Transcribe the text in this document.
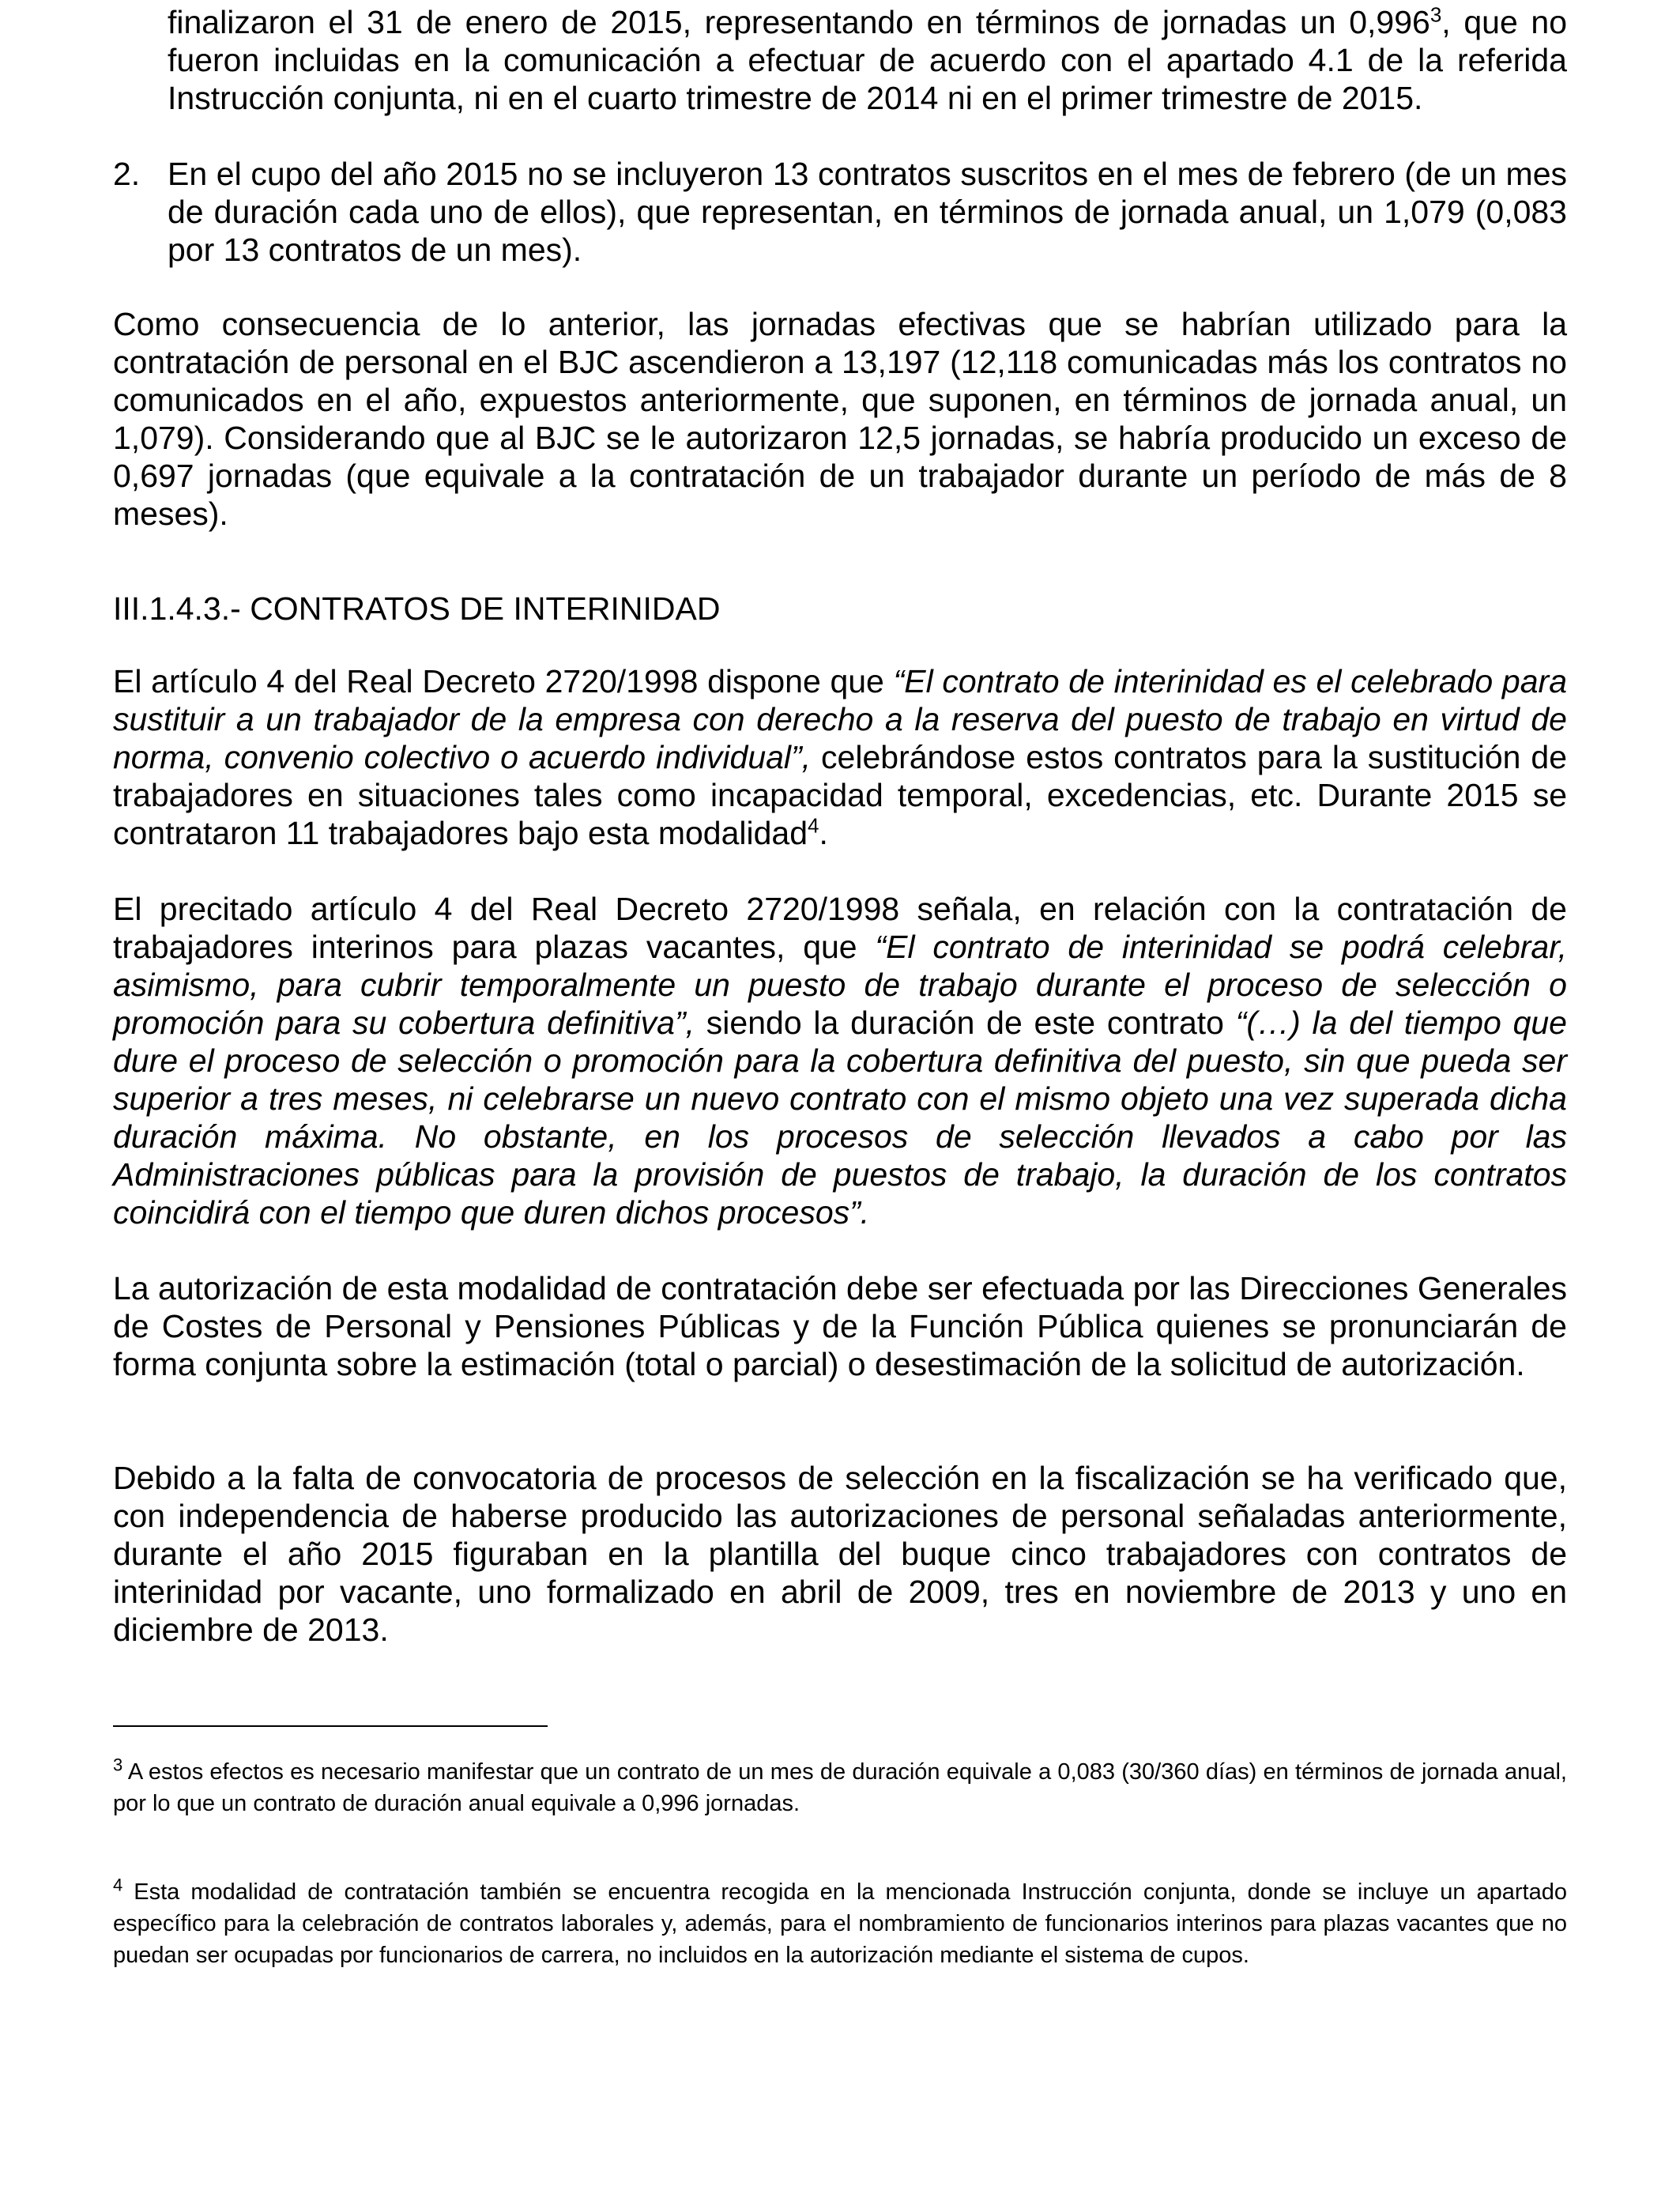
finalizaron el 31 de enero de 2015, representando en términos de jornadas un 0,996$^3$, que no fueron incluidas en la comunicación a efectuar de acuerdo con el apartado 4.1 de la referida Instrucción conjunta, ni en el cuarto trimestre de 2014 ni en el primer trimestre de 2015.
2. En el cupo del año 2015 no se incluyeron 13 contratos suscritos en el mes de febrero (de un mes de duración cada uno de ellos), que representan, en términos de jornada anual, un 1,079 (0,083 por 13 contratos de un mes).
Como consecuencia de lo anterior, las jornadas efectivas que se habrían utilizado para la contratación de personal en el BJC ascendieron a 13,197 (12,118 comunicadas más los contratos no comunicados en el año, expuestos anteriormente, que suponen, en términos de jornada anual, un 1,079). Considerando que al BJC se le autorizaron 12,5 jornadas, se habría producido un exceso de 0,697 jornadas (que equivale a la contratación de un trabajador durante un período de más de 8 meses).
III.1.4.3.- CONTRATOS DE INTERINIDAD
El artículo 4 del Real Decreto 2720/1998 dispone que “El contrato de interinidad es el celebrado para sustituir a un trabajador de la empresa con derecho a la reserva del puesto de trabajo en virtud de norma, convenio colectivo o acuerdo individual”, celebrándose estos contratos para la sustitución de trabajadores en situaciones tales como incapacidad temporal, excedencias, etc. Durante 2015 se contrataron 11 trabajadores bajo esta modalidad$^4$.
El precitado artículo 4 del Real Decreto 2720/1998 señala, en relación con la contratación de trabajadores interinos para plazas vacantes, que “El contrato de interinidad se podrá celebrar, asimismo, para cubrir temporalmente un puesto de trabajo durante el proceso de selección o promoción para su cobertura definitiva”, siendo la duración de este contrato “(…) la del tiempo que dure el proceso de selección o promoción para la cobertura definitiva del puesto, sin que pueda ser superior a tres meses, ni celebrarse un nuevo contrato con el mismo objeto una vez superada dicha duración máxima. No obstante, en los procesos de selección llevados a cabo por las Administraciones públicas para la provisión de puestos de trabajo, la duración de los contratos coincidirá con el tiempo que duren dichos procesos”.
La autorización de esta modalidad de contratación debe ser efectuada por las Direcciones Generales de Costes de Personal y Pensiones Públicas y de la Función Pública quienes se pronunciarán de forma conjunta sobre la estimación (total o parcial) o desestimación de la solicitud de autorización.
Debido a la falta de convocatoria de procesos de selección en la fiscalización se ha verificado que, con independencia de haberse producido las autorizaciones de personal señaladas anteriormente, durante el año 2015 figuraban en la plantilla del buque cinco trabajadores con contratos de interinidad por vacante, uno formalizado en abril de 2009, tres en noviembre de 2013 y uno en diciembre de 2013.
$^3$ A estos efectos es necesario manifestar que un contrato de un mes de duración equivale a 0,083 (30/360 días) en términos de jornada anual, por lo que un contrato de duración anual equivale a 0,996 jornadas.
$^4$ Esta modalidad de contratación también se encuentra recogida en la mencionada Instrucción conjunta, donde se incluye un apartado específico para la celebración de contratos laborales y, además, para el nombramiento de funcionarios interinos para plazas vacantes que no puedan ser ocupadas por funcionarios de carrera, no incluidos en la autorización mediante el sistema de cupos.
